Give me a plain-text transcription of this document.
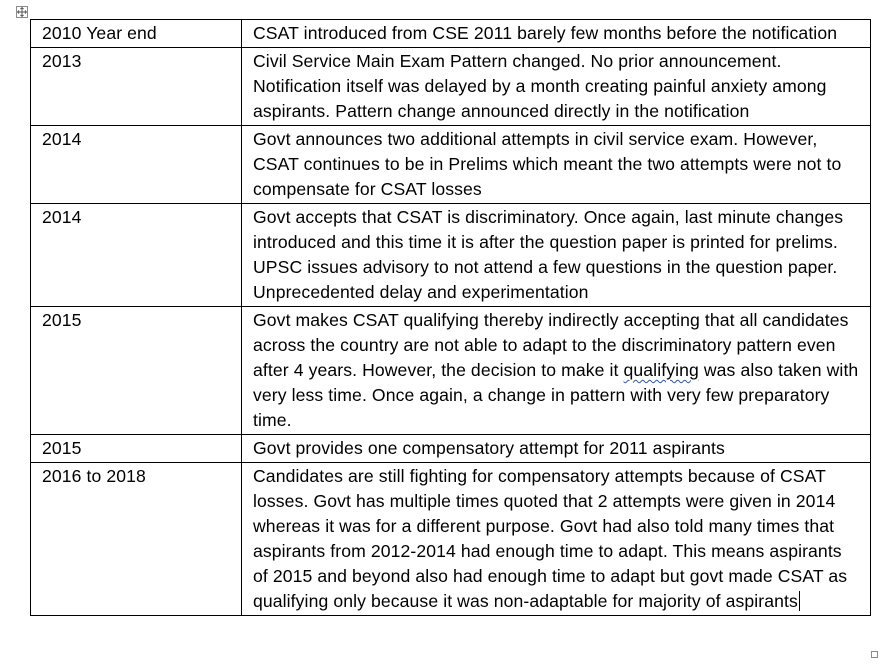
2010 Year end	CSAT introduced from CSE 2011 barely few months before the notification
2013	Civil Service Main Exam Pattern changed. No prior announcement. Notification itself was delayed by a month creating painful anxiety among aspirants. Pattern change announced directly in the notification
2014	Govt announces two additional attempts in civil service exam. However, CSAT continues to be in Prelims which meant the two attempts were not to compensate for CSAT losses
2014	Govt accepts that CSAT is discriminatory. Once again, last minute changes introduced and this time it is after the question paper is printed for prelims. UPSC issues advisory to not attend a few questions in the question paper. Unprecedented delay and experimentation
2015	Govt makes CSAT qualifying thereby indirectly accepting that all candidates across the country are not able to adapt to the discriminatory pattern even after 4 years. However, the decision to make it qualifying was also taken with very less time. Once again, a change in pattern with very few preparatory time.
2015	Govt provides one compensatory attempt for 2011 aspirants
2016 to 2018	Candidates are still fighting for compensatory attempts because of CSAT losses. Govt has multiple times quoted that 2 attempts were given in 2014 whereas it was for a different purpose. Govt had also told many times that aspirants from 2012-2014 had enough time to adapt. This means aspirants of 2015 and beyond also had enough time to adapt but govt made CSAT as qualifying only because it was non-adaptable for majority of aspirants
